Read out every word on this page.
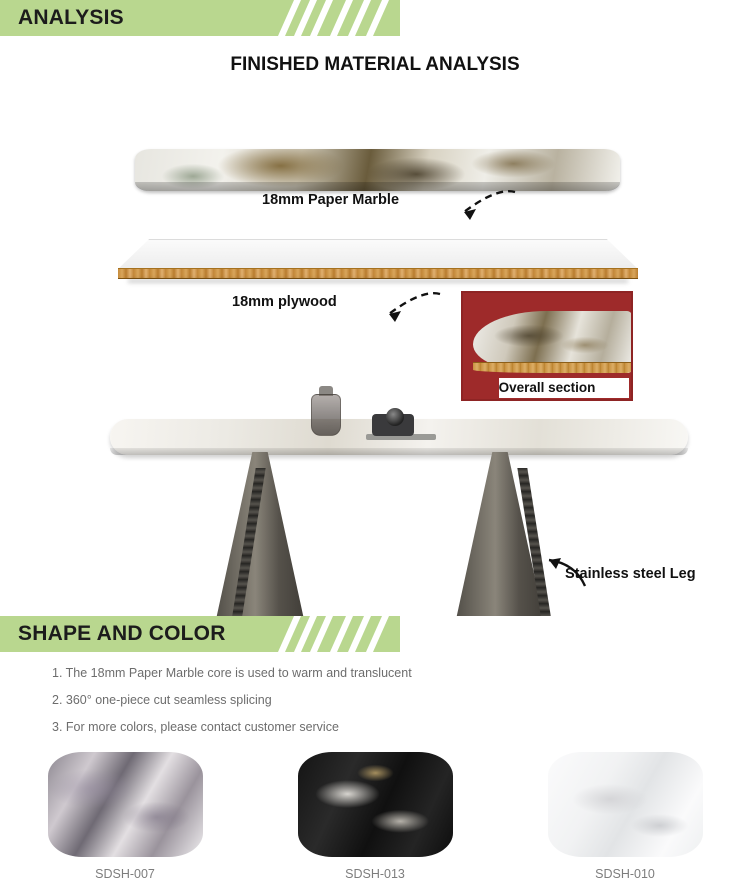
ANALYSIS
FINISHED MATERIAL ANALYSIS
18mm Paper Marble
18mm plywood
Overall section
Stainless steel Leg
SHAPE AND COLOR
1. The 18mm Paper Marble core is used to warm and translucent
2. 360° one-piece cut seamless splicing
3. For more colors, please contact customer service
SDSH-007	SDSH-013	SDSH-010
